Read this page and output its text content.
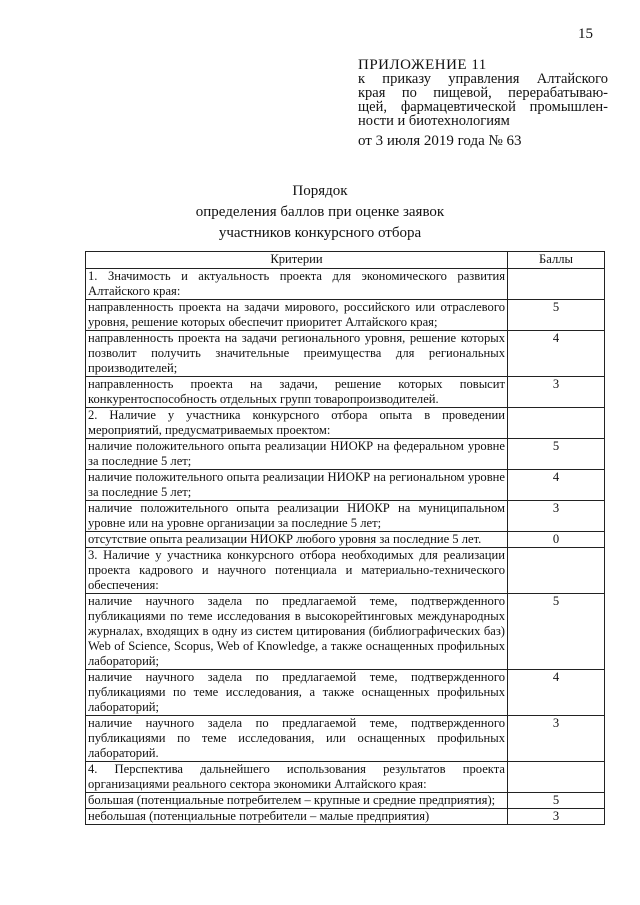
15
ПРИЛОЖЕНИЕ 11
к приказу управления Алтайского
края по пищевой, перерабатываю-
щей, фармацевтической промышлен-
ности и биотехнологиям
от 3 июля 2019 года № 63
Порядок
определения баллов при оценке заявок
участников конкурсного отбора
Критерии	Баллы
1. Значимость и актуальность проекта для экономического развития Алтайского края:	
направленность проекта на задачи мирового, российского или отраслевого уровня, решение которых обеспечит приоритет Алтайского края;	5
направленность проекта на задачи регионального уровня, решение которых позволит получить значительные преимущества для региональных производителей;	4
направленность проекта на задачи, решение которых повысит конкурентоспособность отдельных групп товаропроизводителей.	3
2. Наличие у участника конкурсного отбора опыта в проведении мероприятий, предусматриваемых проектом:	
наличие положительного опыта реализации НИОКР на федеральном уровне за последние 5 лет;	5
наличие положительного опыта реализации НИОКР на региональном уровне за последние 5 лет;	4
наличие положительного опыта реализации НИОКР на муниципальном уровне или на уровне организации за последние 5 лет;	3
отсутствие опыта реализации НИОКР любого уровня за последние 5 лет.	0
3. Наличие у участника конкурсного отбора необходимых для реализации проекта кадрового и научного потенциала и материально-технического обеспечения:	
наличие научного задела по предлагаемой теме, подтвержденного публикациями по теме исследования в высокорейтинговых международных журналах, входящих в одну из систем цитирования (библиографических баз) Web of Science, Scopus, Web of Knowledge, а также оснащенных профильных лабораторий;	5
наличие научного задела по предлагаемой теме, подтвержденного публикациями по теме исследования, а также оснащенных профильных лабораторий;	4
наличие научного задела по предлагаемой теме, подтвержденного публикациями по теме исследования, или оснащенных профильных лабораторий.	3
4. Перспектива дальнейшего использования результатов проекта организациями реального сектора экономики Алтайского края:	
большая (потенциальные потребителем – крупные и средние предприятия);	5
небольшая (потенциальные потребители – малые предприятия)	3
